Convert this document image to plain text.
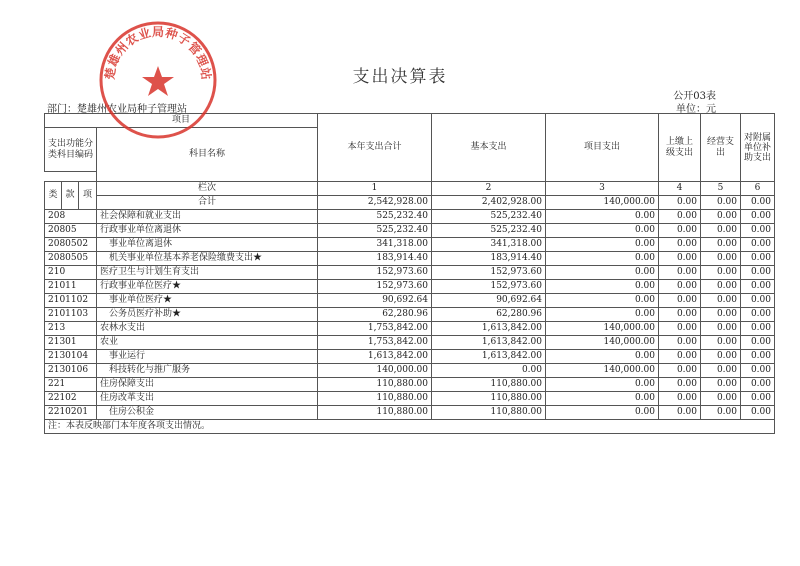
支出决算表
公开03表
部门：楚雄州农业局种子管理站	单位：元
项目				本年支出合计	基本支出	项目支出	上缴上级支出	经营支出	对附属单位补助支出
支出功能分类科目编码			科目名称						

类	款	项	栏次	1	2	3	4	5	6
			合计	2,542,928.00	2,402,928.00	140,000.00	0.00	0.00	0.00
208			社会保障和就业支出	525,232.40	525,232.40	0.00	0.00	0.00	0.00
20805			行政事业单位离退休	525,232.40	525,232.40	0.00	0.00	0.00	0.00
2080502			　事业单位离退休	341,318.00	341,318.00	0.00	0.00	0.00	0.00
2080505			　机关事业单位基本养老保险缴费支出★	183,914.40	183,914.40	0.00	0.00	0.00	0.00
210			医疗卫生与计划生育支出	152,973.60	152,973.60	0.00	0.00	0.00	0.00
21011			行政事业单位医疗★	152,973.60	152,973.60	0.00	0.00	0.00	0.00
2101102			　事业单位医疗★	90,692.64	90,692.64	0.00	0.00	0.00	0.00
2101103			　公务员医疗补助★	62,280.96	62,280.96	0.00	0.00	0.00	0.00
213			农林水支出	1,753,842.00	1,613,842.00	140,000.00	0.00	0.00	0.00
21301			农业	1,753,842.00	1,613,842.00	140,000.00	0.00	0.00	0.00
2130104			　事业运行	1,613,842.00	1,613,842.00	0.00	0.00	0.00	0.00
2130106			　科技转化与推广服务	140,000.00	0.00	140,000.00	0.00	0.00	0.00
221			住房保障支出	110,880.00	110,880.00	0.00	0.00	0.00	0.00
22102			住房改革支出	110,880.00	110,880.00	0.00	0.00	0.00	0.00
2210201			　住房公积金	110,880.00	110,880.00	0.00	0.00	0.00	0.00
注：本表反映部门本年度各项支出情况。									
楚雄州农业局种子管理站
